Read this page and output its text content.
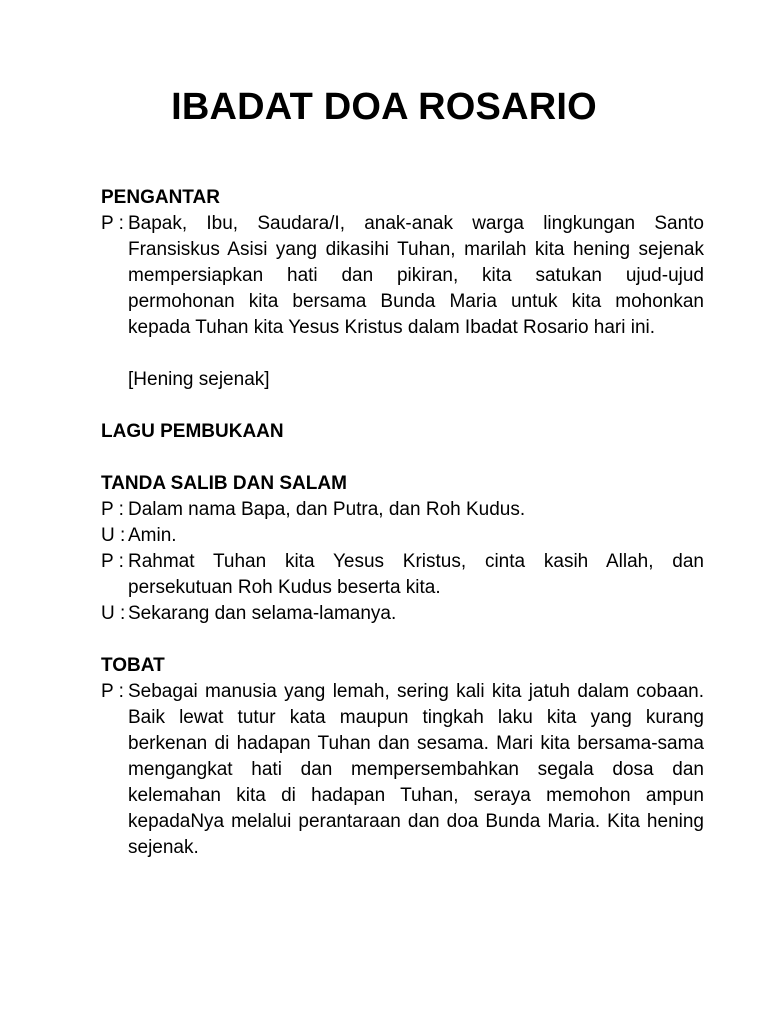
IBADAT DOA ROSARIO
PENGANTAR
P : Bapak, Ibu, Saudara/I, anak-anak warga lingkungan Santo Fransiskus Asisi yang dikasihi Tuhan, marilah kita hening sejenak mempersiapkan hati dan pikiran, kita satukan ujud-ujud permohonan kita bersama Bunda Maria untuk kita mohonkan kepada Tuhan kita Yesus Kristus dalam Ibadat Rosario hari ini.
[Hening sejenak]
LAGU PEMBUKAAN
TANDA SALIB DAN SALAM
P : Dalam nama Bapa, dan Putra, dan Roh Kudus.
U : Amin.
P : Rahmat Tuhan kita Yesus Kristus, cinta kasih Allah, dan persekutuan Roh Kudus beserta kita.
U : Sekarang dan selama-lamanya.
TOBAT
P : Sebagai manusia yang lemah, sering kali kita jatuh dalam cobaan. Baik lewat tutur kata maupun tingkah laku kita yang kurang berkenan di hadapan Tuhan dan sesama. Mari kita bersama-sama mengangkat hati dan mempersembahkan segala dosa dan kelemahan kita di hadapan Tuhan, seraya memohon ampun kepadaNya melalui perantaraan dan doa Bunda Maria. Kita hening sejenak.
